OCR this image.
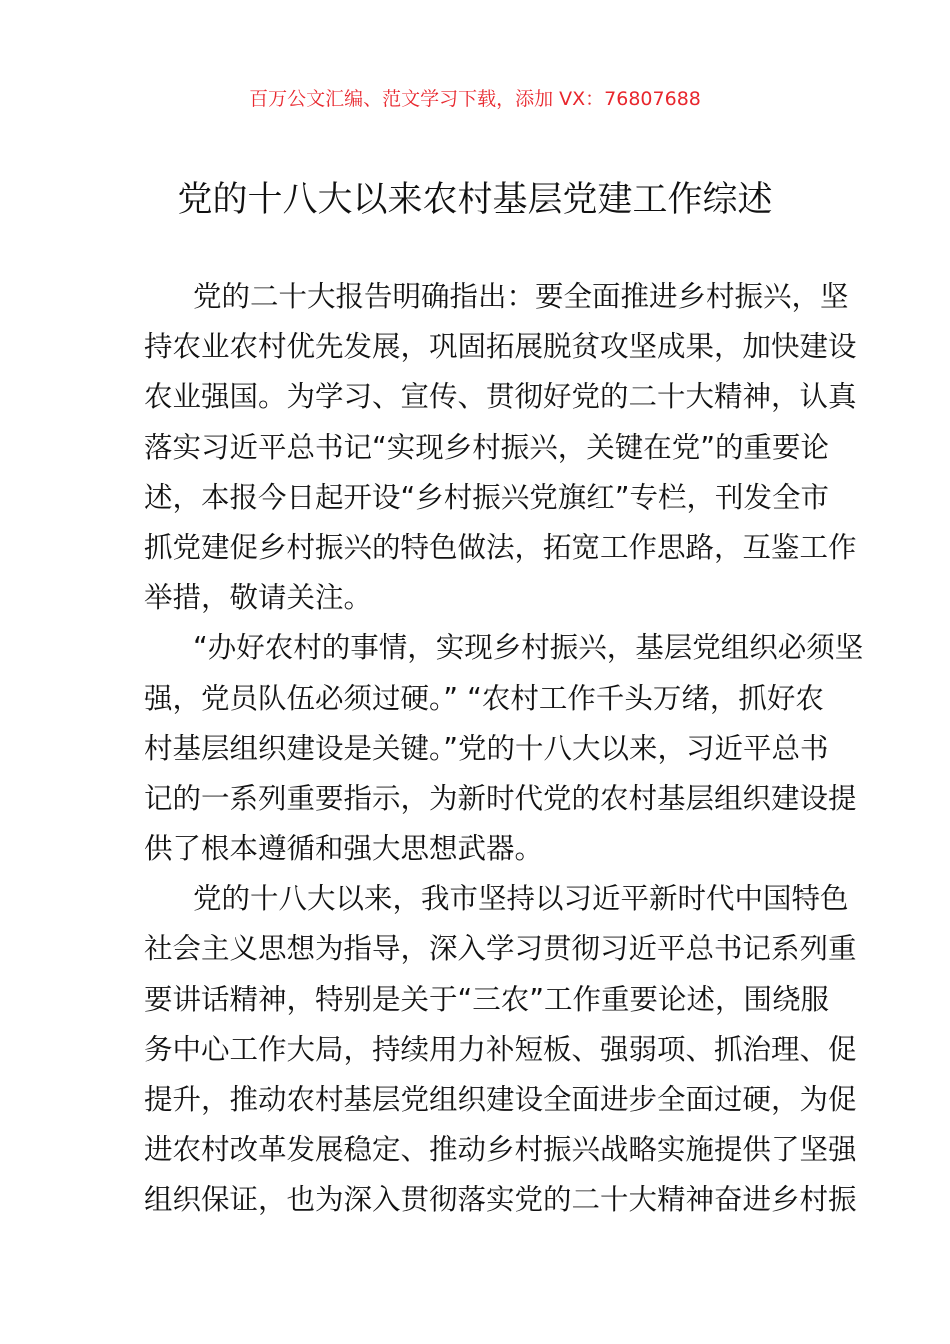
百万公文汇编、范文学习下载，添加 VX：76807688
党的十八大以来农村基层党建工作综述

党的二十大报告明确指出：要全面推进乡村振兴，坚
持农业农村优先发展，巩固拓展脱贫攻坚成果，加快建设
农业强国。为学习、宣传、贯彻好党的二十大精神，认真
落实习近平总书记“实现乡村振兴，关键在党”的重要论
述，本报今日起开设“乡村振兴党旗红”专栏，刊发全市
抓党建促乡村振兴的特色做法，拓宽工作思路，互鉴工作
举措，敬请关注。

“办好农村的事情，实现乡村振兴，基层党组织必须坚
强，党员队伍必须过硬。” “农村工作千头万绪，抓好农
村基层组织建设是关键。”党的十八大以来，习近平总书
记的一系列重要指示，为新时代党的农村基层组织建设提
供了根本遵循和强大思想武器。

党的十八大以来，我市坚持以习近平新时代中国特色
社会主义思想为指导，深入学习贯彻习近平总书记系列重
要讲话精神，特别是关于“三农”工作重要论述，围绕服
务中心工作大局，持续用力补短板、强弱项、抓治理、促
提升，推动农村基层党组织建设全面进步全面过硬，为促
进农村改革发展稳定、推动乡村振兴战略实施提供了坚强
组织保证，也为深入贯彻落实党的二十大精神奋进乡村振
